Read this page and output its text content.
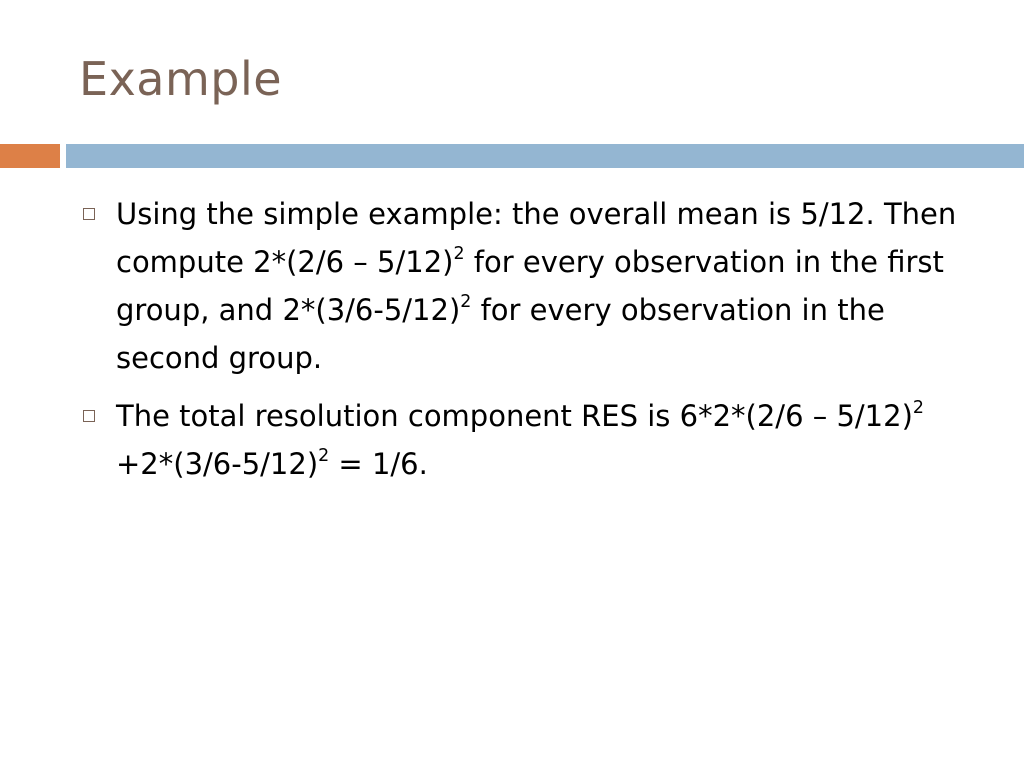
Example
Using the simple example: the overall mean is 5/12. Then compute 2*(2/6 – 5/12)$^2$ for every observation in the first group, and $2*(3/6-5/12)^2$ for every observation in the second group.
The total resolution component RES is $6*2*(2/6 - 5/12)^2 +2*(3/6-5/12)^2 = 1/6$.
